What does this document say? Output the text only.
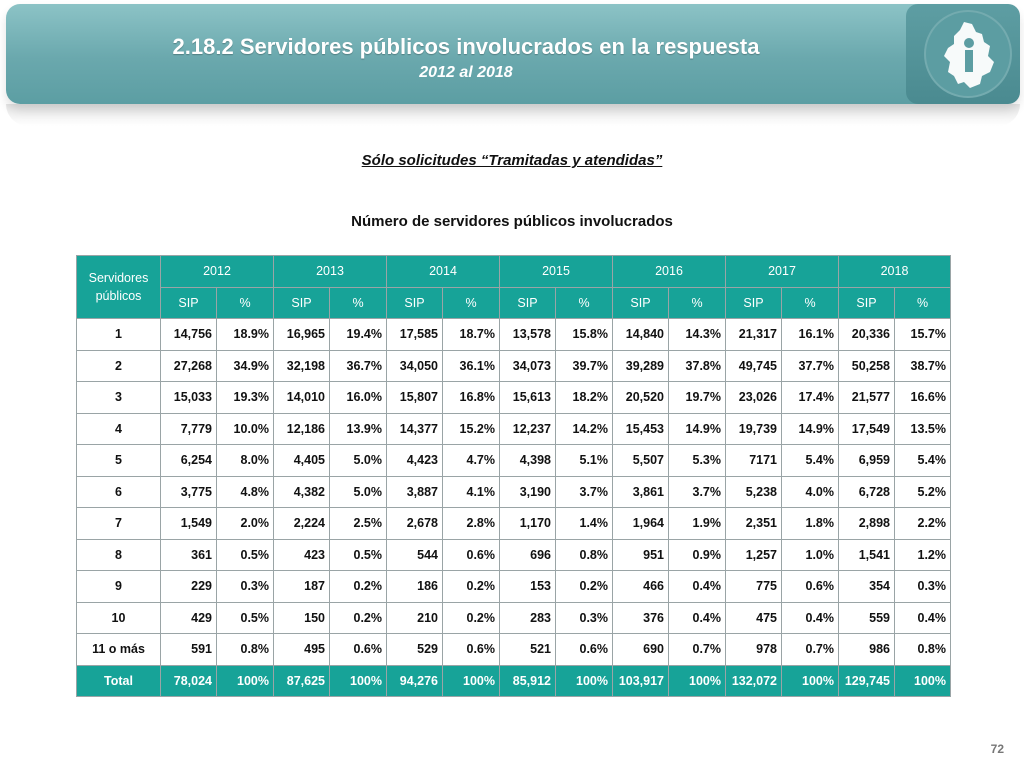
2.18.2 Servidores públicos involucrados en la respuesta
2012 al 2018
Sólo solicitudes “Tramitadas y atendidas”
Número de servidores públicos involucrados
Servidores públicos	2012		2013		2014		2015		2016		2017		2018	
	SIP	%	SIP	%	SIP	%	SIP	%	SIP	%	SIP	%	SIP	%
1	14,756	18.9%	16,965	19.4%	17,585	18.7%	13,578	15.8%	14,840	14.3%	21,317	16.1%	20,336	15.7%
2	27,268	34.9%	32,198	36.7%	34,050	36.1%	34,073	39.7%	39,289	37.8%	49,745	37.7%	50,258	38.7%
3	15,033	19.3%	14,010	16.0%	15,807	16.8%	15,613	18.2%	20,520	19.7%	23,026	17.4%	21,577	16.6%
4	7,779	10.0%	12,186	13.9%	14,377	15.2%	12,237	14.2%	15,453	14.9%	19,739	14.9%	17,549	13.5%
5	6,254	8.0%	4,405	5.0%	4,423	4.7%	4,398	5.1%	5,507	5.3%	7171	5.4%	6,959	5.4%
6	3,775	4.8%	4,382	5.0%	3,887	4.1%	3,190	3.7%	3,861	3.7%	5,238	4.0%	6,728	5.2%
7	1,549	2.0%	2,224	2.5%	2,678	2.8%	1,170	1.4%	1,964	1.9%	2,351	1.8%	2,898	2.2%
8	361	0.5%	423	0.5%	544	0.6%	696	0.8%	951	0.9%	1,257	1.0%	1,541	1.2%
9	229	0.3%	187	0.2%	186	0.2%	153	0.2%	466	0.4%	775	0.6%	354	0.3%
10	429	0.5%	150	0.2%	210	0.2%	283	0.3%	376	0.4%	475	0.4%	559	0.4%
11 o más	591	0.8%	495	0.6%	529	0.6%	521	0.6%	690	0.7%	978	0.7%	986	0.8%
Total	78,024	100%	87,625	100%	94,276	100%	85,912	100%	103,917	100%	132,072	100%	129,745	100%
72
